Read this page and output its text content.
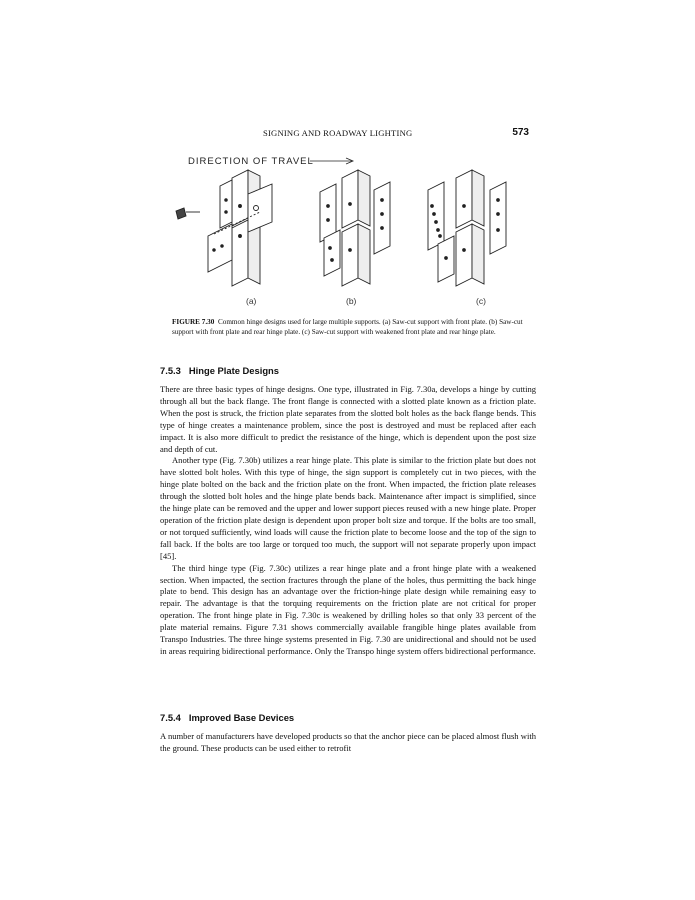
SIGNING AND ROADWAY LIGHTING	573
DIRECTION OF TRAVEL
(a)	(b)	(c)
FIGURE 7.30 Common hinge designs used for large multiple supports. (a) Saw-cut support with front plate. (b) Saw-cut support with front plate and rear hinge plate. (c) Saw-cut support with weakened front plate and rear hinge plate.
7.5.3 Hinge Plate Designs

There are three basic types of hinge designs. One type, illustrated in Fig. 7.30a, develops a hinge by cutting through all but the back flange. The front flange is connected with a slotted plate known as a friction plate. When the post is struck, the friction plate separates from the slotted bolt holes as the back flange bends. This type of hinge creates a maintenance problem, since the post is destroyed and must be replaced after each impact. It is also more difficult to predict the resistance of the hinge, which is dependent upon the post size and depth of cut.

Another type (Fig. 7.30b) utilizes a rear hinge plate. This plate is similar to the friction plate but does not have slotted bolt holes. With this type of hinge, the sign support is completely cut in two pieces, with the hinge plate bolted on the back and the friction plate on the front. When impacted, the friction plate releases through the slotted bolt holes and the hinge plate bends back. Maintenance after impact is simplified, since the hinge plate can be removed and the upper and lower support pieces reused with a new hinge plate. Proper operation of the friction plate design is dependent upon proper bolt size and torque. If the bolts are too small, or not torqued sufficiently, wind loads will cause the friction plate to become loose and the top of the sign to fall back. If the bolts are too large or torqued too much, the support will not separate properly upon impact [45].

The third hinge type (Fig. 7.30c) utilizes a rear hinge plate and a front hinge plate with a weakened section. When impacted, the section fractures through the plane of the holes, thus permitting the back hinge plate to bend. This design has an advantage over the friction-hinge plate design while remaining easy to repair. The advantage is that the torquing requirements on the friction plate are not critical for proper operation. The front hinge plate in Fig. 7.30c is weakened by drilling holes so that only 33 percent of the plate material remains. Figure 7.31 shows commercially available frangible hinge plates available from Transpo Industries. The three hinge systems presented in Fig. 7.30 are unidirectional and should not be used in areas requiring bidirectional performance. Only the Transpo hinge system offers bidirectional performance.

7.5.4 Improved Base Devices

A number of manufacturers have developed products so that the anchor piece can be placed almost flush with the ground. These products can be used either to retrofit
